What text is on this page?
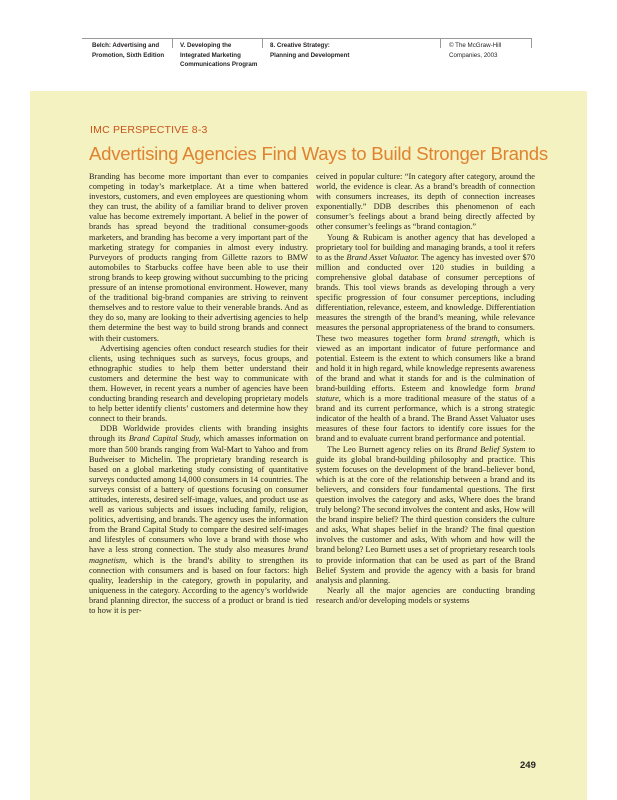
Belch: Advertising and
Promotion, Sixth Edition
V. Developing the
Integrated Marketing
Communications Program
8. Creative Strategy:
Planning and Development
© The McGraw-Hill
Companies, 2003
IMC PERSPECTIVE 8-3
Advertising Agencies Find Ways to Build Stronger Brands

Branding has become more important than ever to companies competing in today’s marketplace. At a time when battered investors, customers, and even employees are questioning whom they can trust, the ability of a familiar brand to deliver proven value has become extremely important. A belief in the power of brands has spread beyond the traditional consumer-goods marketers, and branding has become a very important part of the marketing strategy for companies in almost every industry. Purveyors of products ranging from Gillette razors to BMW automobiles to Starbucks coffee have been able to use their strong brands to keep growing without succumbing to the pricing pressure of an intense promotional environment. However, many of the traditional big-brand companies are striving to reinvent themselves and to restore value to their venerable brands. And as they do so, many are looking to their advertising agencies to help them determine the best way to build strong brands and connect with their customers.

Advertising agencies often conduct research studies for their clients, using techniques such as surveys, focus groups, and ethnographic studies to help them better understand their customers and determine the best way to communicate with them. However, in recent years a number of agencies have been conducting branding research and developing proprietary models to help better identify clients’ customers and determine how they connect to their brands.

DDB Worldwide provides clients with branding insights through its Brand Capital Study, which amasses information on more than 500 brands ranging from Wal-Mart to Yahoo and from Budweiser to Michelin. The proprietary branding research is based on a global marketing study consisting of quantitative surveys conducted among 14,000 consumers in 14 countries. The surveys consist of a battery of questions focusing on consumer attitudes, interests, desired self-image, values, and product use as well as various subjects and issues including family, religion, politics, advertising, and brands. The agency uses the information from the Brand Capital Study to compare the desired self-images and lifestyles of consumers who love a brand with those who have a less strong connection. The study also measures brand magnetism, which is the brand’s ability to strengthen its connection with consumers and is based on four factors: high quality, leadership in the category, growth in popularity, and uniqueness in the category. According to the agency’s worldwide brand planning director, the success of a product or brand is tied to how it is per-

ceived in popular culture: “In category after category, around the world, the evidence is clear. As a brand’s breadth of connection with consumers increases, its depth of connection increases exponentially.” DDB describes this phenomenon of each consumer’s feelings about a brand being directly affected by other consumer’s feelings as “brand contagion.”

Young & Rubicam is another agency that has developed a proprietary tool for building and managing brands, a tool it refers to as the Brand Asset Valuator. The agency has invested over $70 million and conducted over 120 studies in building a comprehensive global database of consumer perceptions of brands. This tool views brands as developing through a very specific progression of four consumer perceptions, including differentiation, relevance, esteem, and knowledge. Differentiation measures the strength of the brand’s meaning, while relevance measures the personal appropriateness of the brand to consumers. These two measures together form brand strength, which is viewed as an important indicator of future performance and potential. Esteem is the extent to which consumers like a brand and hold it in high regard, while knowledge represents awareness of the brand and what it stands for and is the culmination of brand-building efforts. Esteem and knowledge form brand stature, which is a more traditional measure of the status of a brand and its current performance, which is a strong strategic indicator of the health of a brand. The Brand Asset Valuator uses measures of these four factors to identify core issues for the brand and to evaluate current brand performance and potential.

The Leo Burnett agency relies on its Brand Belief System to guide its global brand-building philosophy and practice. This system focuses on the development of the brand–believer bond, which is at the core of the relationship between a brand and its believers, and considers four fundamental questions. The first question involves the category and asks, Where does the brand truly belong? The second involves the content and asks, How will the brand inspire belief? The third question considers the culture and asks, What shapes belief in the brand? The final question involves the customer and asks, With whom and how will the brand belong? Leo Burnett uses a set of proprietary research tools to provide information that can be used as part of the Brand Belief System and provide the agency with a basis for brand analysis and planning.

Nearly all the major agencies are conducting branding research and/or developing models or systems

249
